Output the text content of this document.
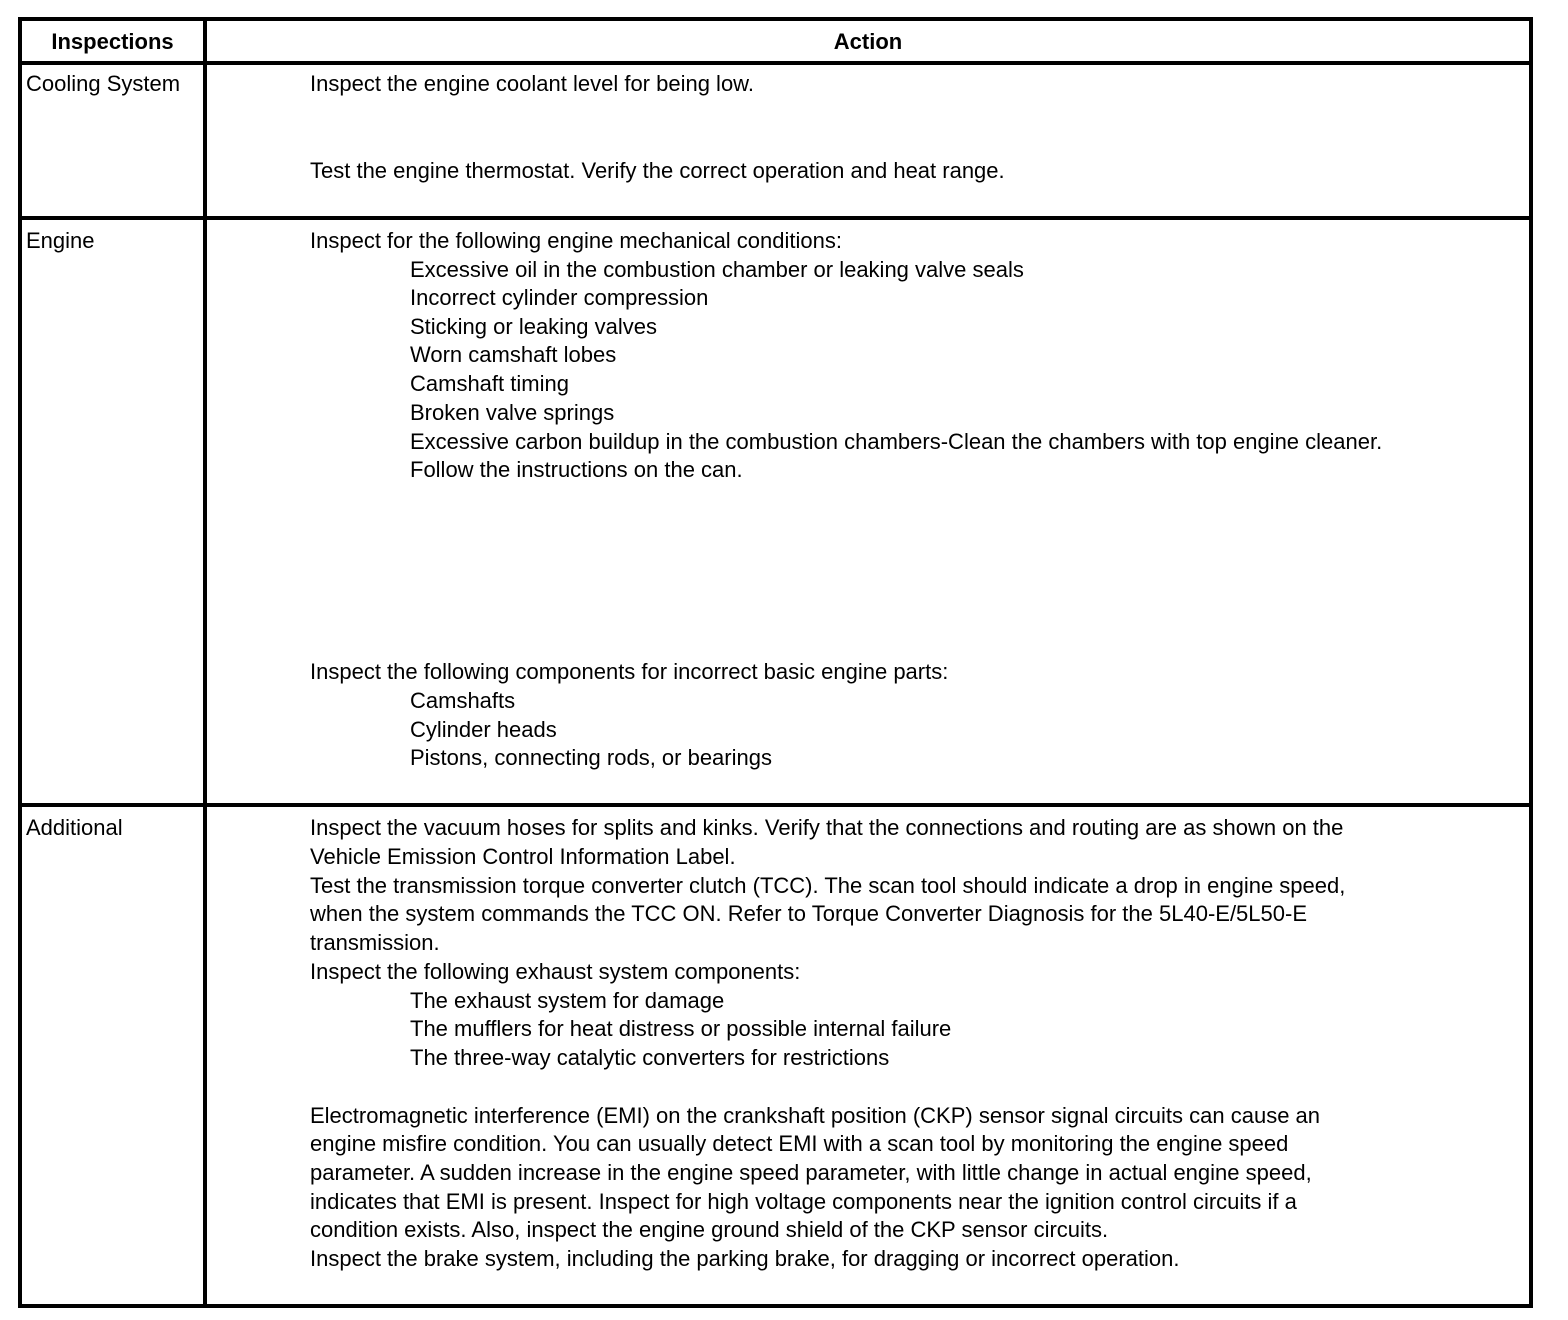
Inspections	Action
Cooling System	Inspect the engine coolant level for being low.
Test the engine thermostat. Verify the correct operation and heat range.
Engine	Inspect for the following engine mechanical conditions:
Excessive oil in the combustion chamber or leaking valve seals
Incorrect cylinder compression
Sticking or leaking valves
Worn camshaft lobes
Camshaft timing
Broken valve springs
Excessive carbon buildup in the combustion chambers-Clean the chambers with top engine cleaner.
Follow the instructions on the can.
Inspect the following components for incorrect basic engine parts:
Camshafts
Cylinder heads
Pistons, connecting rods, or bearings
Additional	Inspect the vacuum hoses for splits and kinks. Verify that the connections and routing are as shown on the
Vehicle Emission Control Information Label.
Test the transmission torque converter clutch (TCC). The scan tool should indicate a drop in engine speed,
when the system commands the TCC ON. Refer to Torque Converter Diagnosis for the 5L40-E/5L50-E
transmission.
Inspect the following exhaust system components:
The exhaust system for damage
The mufflers for heat distress or possible internal failure
The three-way catalytic converters for restrictions
Electromagnetic interference (EMI) on the crankshaft position (CKP) sensor signal circuits can cause an
engine misfire condition. You can usually detect EMI with a scan tool by monitoring the engine speed
parameter. A sudden increase in the engine speed parameter, with little change in actual engine speed,
indicates that EMI is present. Inspect for high voltage components near the ignition control circuits if a
condition exists. Also, inspect the engine ground shield of the CKP sensor circuits.
Inspect the brake system, including the parking brake, for dragging or incorrect operation.
